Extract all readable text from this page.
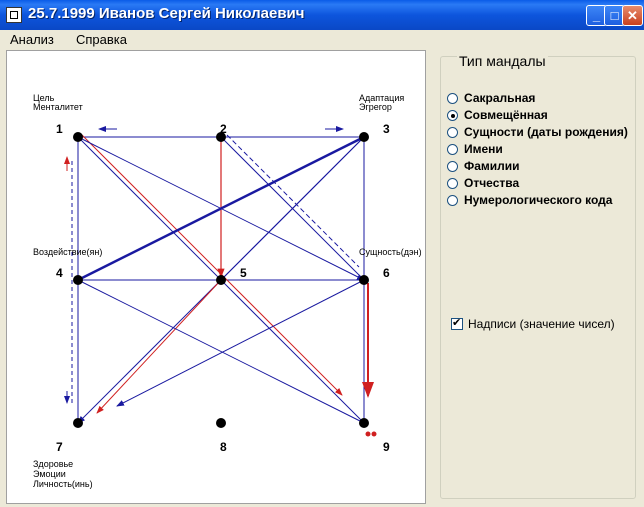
25.7.1999 Иванов Сергей Николаевич	_ □ ✕
Анализ Справка
Цель
Менталитет
Адаптация
Эгрегор
Воздействие(ян)	Сущность(дэн)
Здоровье
Эмоции
Личность(инь)
1	2	3
4	5	6
7	8	9
Тип мандалы
Сакральная
Совмещённая
Сущности (даты рождения)
Имени
Фамилии
Отчества
Нумерологического кода
✔
Надписи (значение чисел)
